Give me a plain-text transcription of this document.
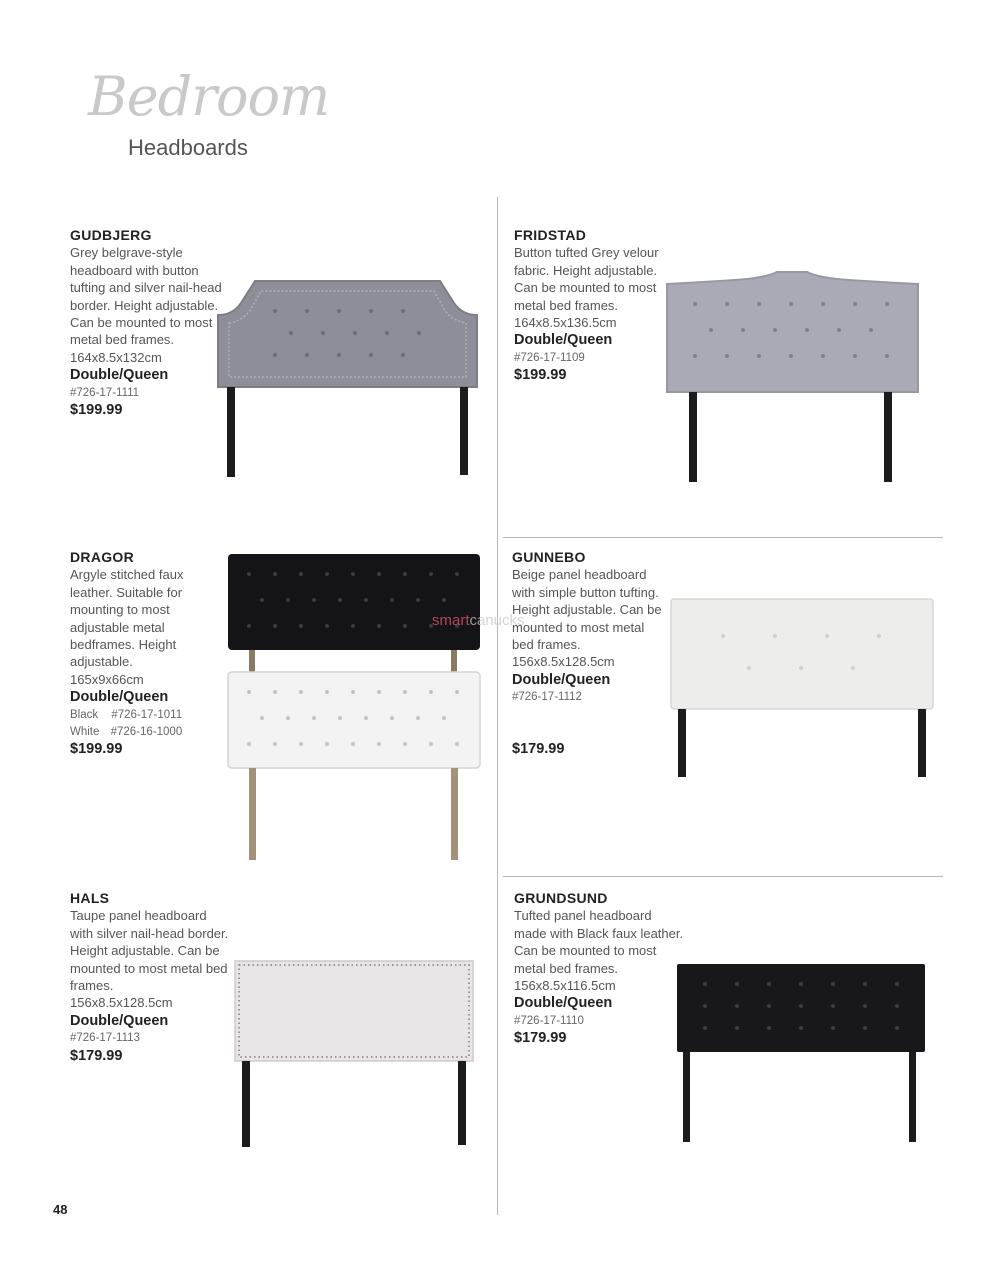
Bedroom
Headboards
GUDBJERG
Grey belgrave-style headboard with button tufting and silver nail-head border. Height adjustable. Can be mounted to most metal bed frames.
164x8.5x132cm
Double/Queen
#726-17-1111
$199.99
FRIDSTAD
Button tufted Grey velour fabric. Height adjustable. Can be mounted to most metal bed frames.
164x8.5x136.5cm
Double/Queen
#726-17-1109
$199.99
DRAGOR
Argyle stitched faux leather. Suitable for mounting to most adjustable metal bedframes. Height adjustable.
165x9x66cm
Double/Queen
Black #726-17-1011
White #726-16-1000
$199.99
smartcanucks
GUNNEBO
Beige panel headboard with simple button tufting. Height adjustable. Can be mounted to most metal bed frames.
156x8.5x128.5cm
Double/Queen
#726-17-1112
$179.99
HALS
Taupe panel headboard with silver nail-head border. Height adjustable. Can be mounted to most metal bed frames.
156x8.5x128.5cm
Double/Queen
#726-17-1113
$179.99
GRUNDSUND
Tufted panel headboard made with Black faux leather. Can be mounted to most metal bed frames.
156x8.5x116.5cm
Double/Queen
#726-17-1110
$179.99
48
